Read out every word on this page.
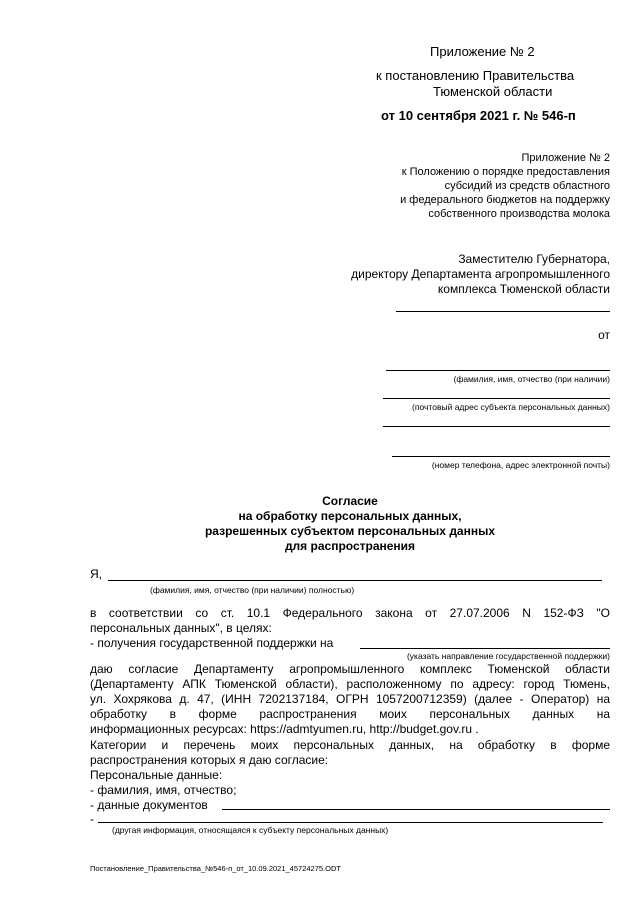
Приложение № 2
к постановлению Правительства
Тюменской области
от 10 сентября 2021 г. № 546-п
Приложение № 2
к Положению о порядке предоставления
субсидий из средств областного
и федерального бюджетов на поддержку
собственного производства молока
Заместителю Губернатора,
директору Департамента агропромышленного
комплекса Тюменской области
от
(фамилия, имя, отчество (при наличии)
(почтовый адрес субъекта персональных данных)
(номер телефона, адрес электронной почты)
Согласие
на обработку персональных данных,
разрешенных субъектом персональных данных
для распространения
Я,
(фамилия, имя, отчество (при наличии) полностью)
в соответствии со ст. 10.1 Федерального закона от 27.07.2006 N 152-ФЗ "О
персональных данных", в целях:
- получения государственной поддержки на
(указать направление государственной поддержки)
даю согласие Департаменту агропромышленного комплекс Тюменской области
(Департаменту АПК Тюменской области), расположенному по адресу: город Тюмень,
ул. Хохрякова д. 47, (ИНН 7202137184, ОГРН 1057200712359) (далее - Оператор) на
обработку в форме распространения моих персональных данных на
информационных ресурсах: https://admtyumen.ru, http://budget.gov.ru .
Категории и перечень моих персональных данных, на обработку в форме
распространения которых я даю согласие:
Персональные данные:
- фамилия, имя, отчество;
- данные документов
-
(другая информация, относящаяся к субъекту персональных данных)
Постановление_Правительства_№546-п_от_10.09.2021_45724275.ODT
